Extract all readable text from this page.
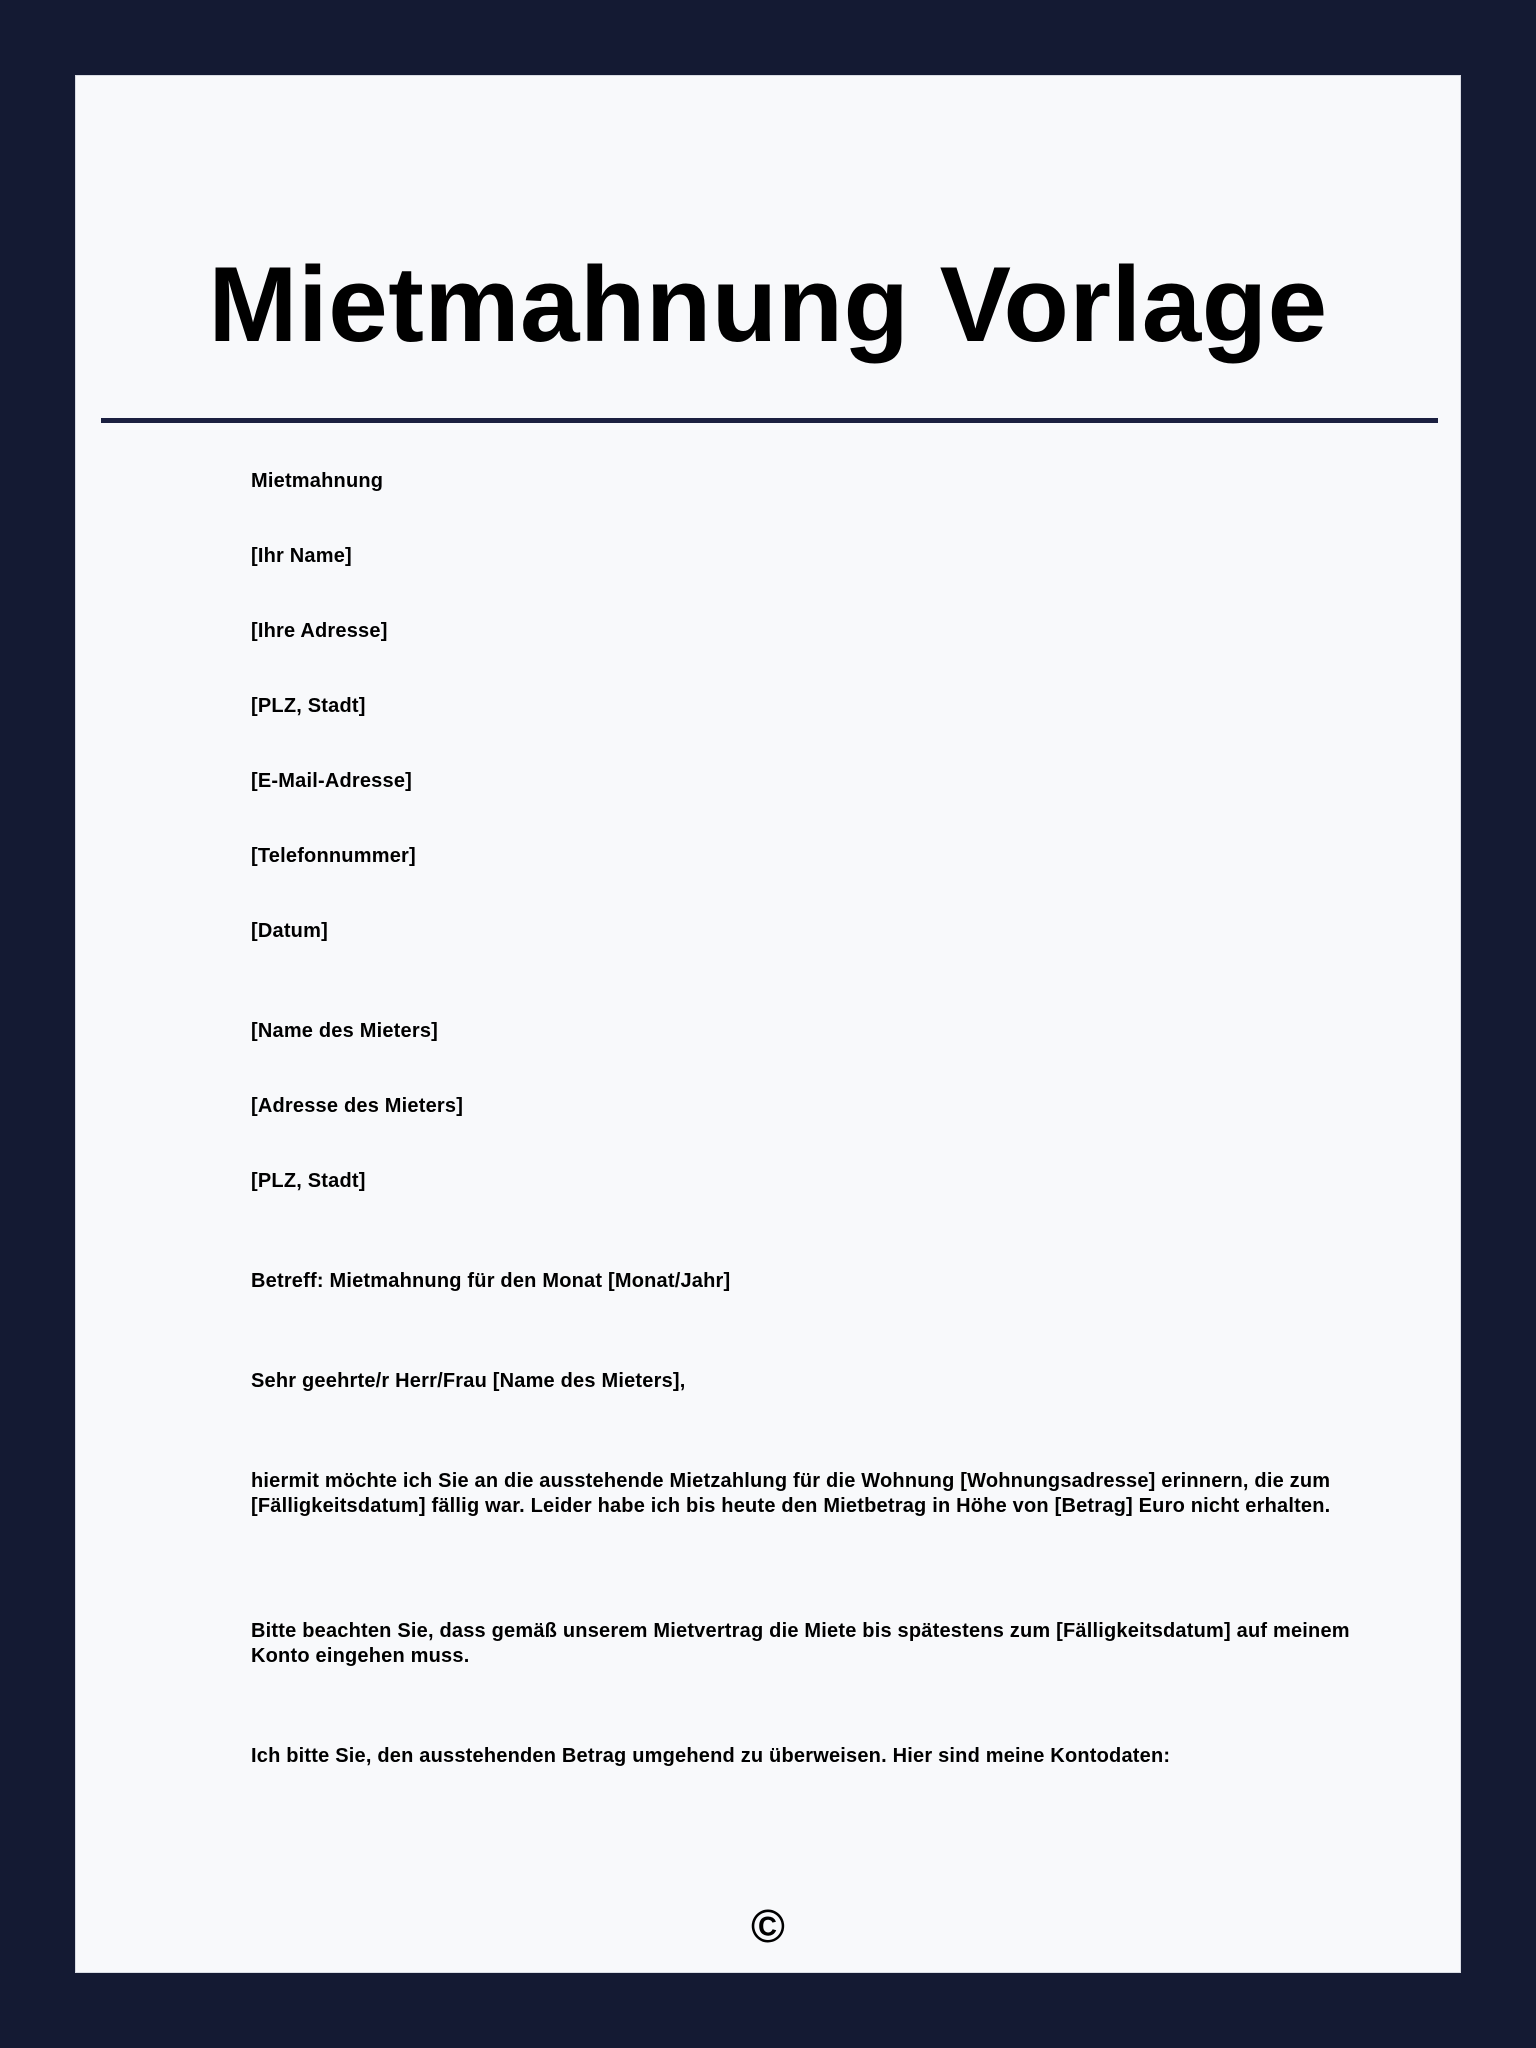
Mietmahnung Vorlage

Mietmahnung

[Ihr Name]

[Ihre Adresse]

[PLZ, Stadt]

[E-Mail-Adresse]

[Telefonnummer]

[Datum]

[Name des Mieters]

[Adresse des Mieters]

[PLZ, Stadt]

Betreff: Mietmahnung für den Monat [Monat/Jahr]

Sehr geehrte/r Herr/Frau [Name des Mieters],

hiermit möchte ich Sie an die ausstehende Mietzahlung für die Wohnung [Wohnungsadresse] erinnern, die zum [Fälligkeitsdatum] fällig war. Leider habe ich bis heute den Mietbetrag in Höhe von [Betrag] Euro nicht erhalten.

Bitte beachten Sie, dass gemäß unserem Mietvertrag die Miete bis spätestens zum [Fälligkeitsdatum] auf meinem Konto eingehen muss.

Ich bitte Sie, den ausstehenden Betrag umgehend zu überweisen. Hier sind meine Kontodaten:

©
